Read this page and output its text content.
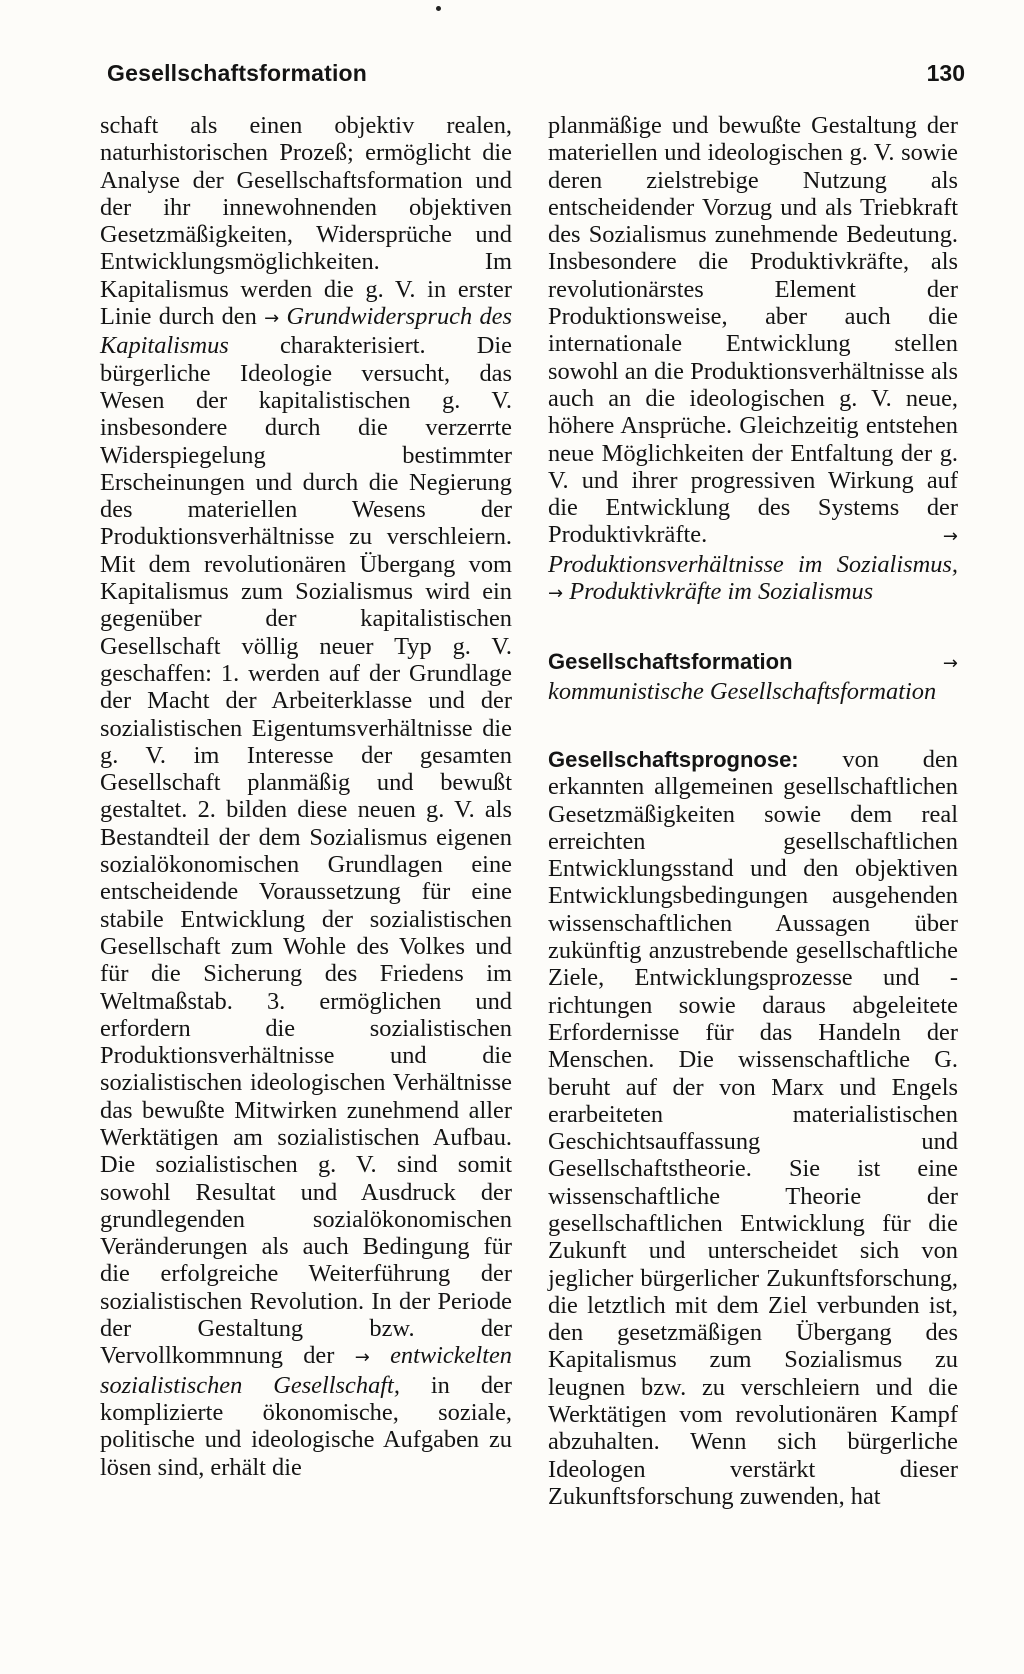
Gesellschaftsformation	130

schaft als einen objektiv realen, naturhistorischen Prozeß; ermöglicht die Analyse der Gesellschaftsformation und der ihr innewohnenden objektiven Gesetzmäßigkeiten, Widersprüche und Entwicklungsmöglichkeiten. Im Kapitalismus werden die g. V. in erster Linie durch den → Grundwiderspruch des Kapitalismus charakterisiert. Die bürgerliche Ideologie versucht, das Wesen der kapitalistischen g. V. insbesondere durch die verzerrte Widerspiegelung bestimmter Erscheinungen und durch die Negierung des materiellen Wesens der Produktionsverhältnisse zu verschleiern. Mit dem revolutionären Übergang vom Kapitalismus zum Sozialismus wird ein gegenüber der kapitalistischen Gesellschaft völlig neuer Typ g. V. geschaffen: 1. werden auf der Grundlage der Macht der Arbeiterklasse und der sozialistischen Eigentumsverhältnisse die g. V. im Interesse der gesamten Gesellschaft planmäßig und bewußt gestaltet. 2. bilden diese neuen g. V. als Bestandteil der dem Sozialismus eigenen sozialökonomischen Grundlagen eine entscheidende Voraussetzung für eine stabile Entwicklung der sozialistischen Gesellschaft zum Wohle des Volkes und für die Sicherung des Friedens im Weltmaßstab. 3. ermöglichen und erfordern die sozialistischen Produktionsverhältnisse und die sozialistischen ideologischen Verhältnisse das bewußte Mitwirken zunehmend aller Werktätigen am sozialistischen Aufbau. Die sozialistischen g. V. sind somit sowohl Resultat und Ausdruck der grundlegenden sozialökonomischen Veränderungen als auch Bedingung für die erfolgreiche Weiterführung der sozialistischen Revolution. In der Periode der Gestaltung bzw. der Vervollkommnung der → entwickelten sozialistischen Gesellschaft, in der komplizierte ökonomische, soziale, politische und ideologische Aufgaben zu lösen sind, erhält die

planmäßige und bewußte Gestaltung der materiellen und ideologischen g. V. sowie deren zielstrebige Nutzung als entscheidender Vorzug und als Triebkraft des Sozialismus zunehmende Bedeutung. Insbesondere die Produktivkräfte, als revolutionärstes Element der Produktionsweise, aber auch die internationale Entwicklung stellen sowohl an die Produktionsverhältnisse als auch an die ideologischen g. V. neue, höhere Ansprüche. Gleichzeitig entstehen neue Möglichkeiten der Entfaltung der g. V. und ihrer progressiven Wirkung auf die Entwicklung des Systems der Produktivkräfte.	→ Produktionsverhältnisse im Sozialismus, → Produktivkräfte im Sozialismus

Gesellschaftsformation	→ kommunistische Gesellschaftsformation

Gesellschaftsprognose: von den erkannten allgemeinen gesellschaftlichen Gesetzmäßigkeiten sowie dem real erreichten gesellschaftlichen Entwicklungsstand und den objektiven Entwicklungsbedingungen ausgehenden wissenschaftlichen Aussagen über zukünftig anzustrebende gesellschaftliche Ziele, Entwicklungsprozesse und -richtungen sowie daraus abgeleitete Erfordernisse für das Handeln der Menschen. Die wissenschaftliche G. beruht auf der von Marx und Engels erarbeiteten materialistischen Geschichtsauffassung und Gesellschaftstheorie. Sie ist eine wissenschaftliche Theorie der gesellschaftlichen Entwicklung für die Zukunft und unterscheidet sich von jeglicher bürgerlicher Zukunftsforschung, die letztlich mit dem Ziel verbunden ist, den gesetzmäßigen Übergang des Kapitalismus zum Sozialismus zu leugnen bzw. zu verschleiern und die Werktätigen vom revolutionären Kampf abzuhalten. Wenn sich bürgerliche Ideologen verstärkt dieser Zukunftsforschung zuwenden, hat
